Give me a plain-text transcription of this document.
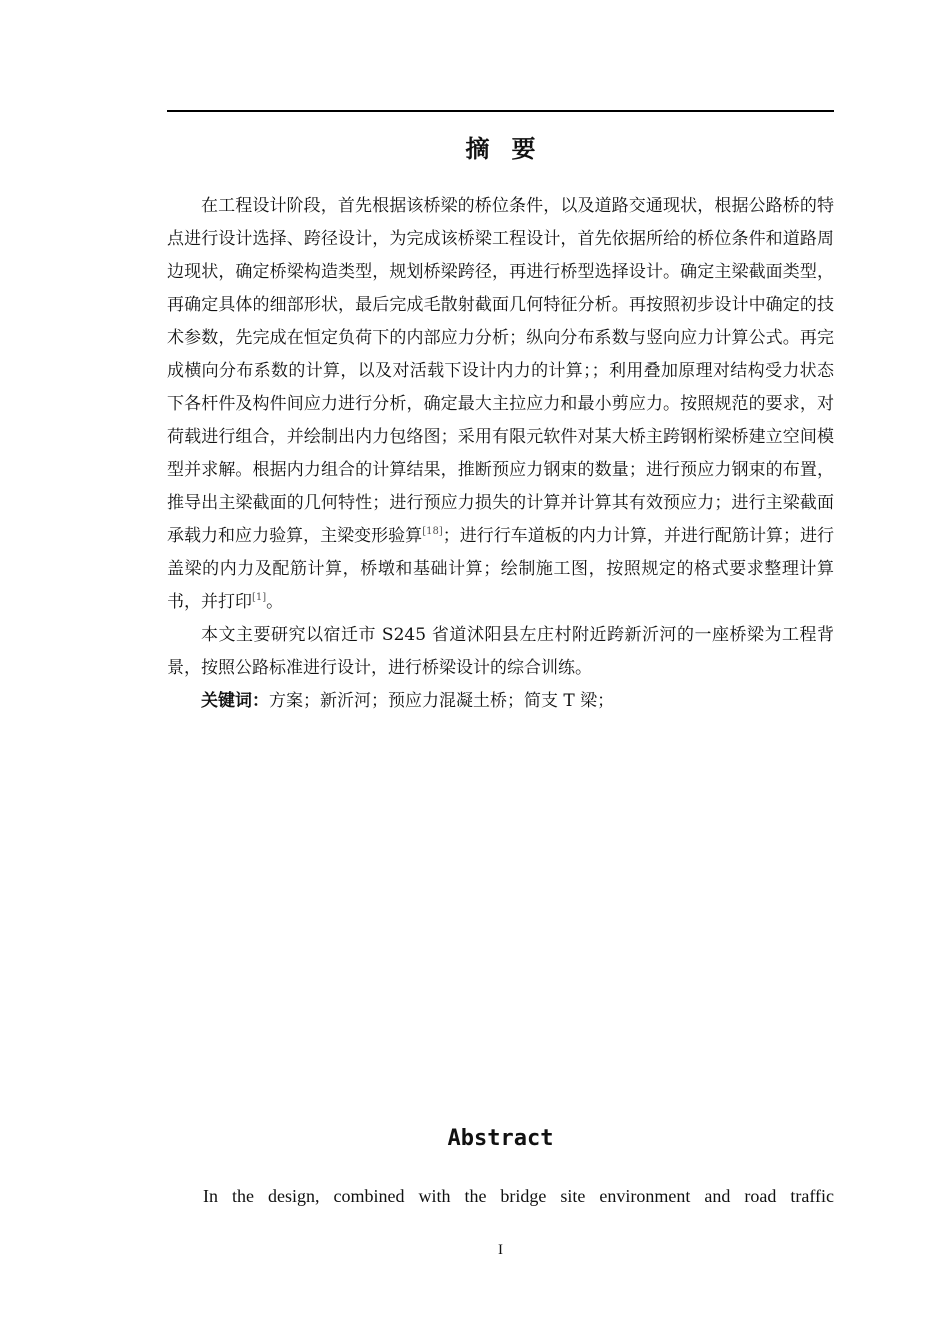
摘要

在工程设计阶段，首先根据该桥梁的桥位条件，以及道路交通现状，根据公路桥的特点进行设计选择、跨径设计，为完成该桥梁工程设计，首先依据所给的桥位条件和道路周边现状，确定桥梁构造类型，规划桥梁跨径，再进行桥型选择设计。确定主梁截面类型，再确定具体的细部形状，最后完成毛散射截面几何特征分析。再按照初步设计中确定的技术参数，先完成在恒定负荷下的内部应力分析；纵向分布系数与竖向应力计算公式。再完成横向分布系数的计算，以及对活载下设计内力的计算；；利用叠加原理对结构受力状态下各杆件及构件间应力进行分析，确定最大主拉应力和最小剪应力。按照规范的要求，对荷载进行组合，并绘制出内力包络图；采用有限元软件对某大桥主跨钢桁梁桥建立空间模型并求解。根据内力组合的计算结果，推断预应力钢束的数量；进行预应力钢束的布置，推导出主梁截面的几何特性；进行预应力损失的计算并计算其有效预应力；进行主梁截面承载力和应力验算，主梁变形验算[18]；进行行车道板的内力计算，并进行配筋计算；进行盖梁的内力及配筋计算，桥墩和基础计算；绘制施工图，按照规定的格式要求整理计算书，并打印[1]。

本文主要研究以宿迁市 S245 省道沭阳县左庄村附近跨新沂河的一座桥梁为工程背景，按照公路标准进行设计，进行桥梁设计的综合训练。

关键词：方案；新沂河；预应力混凝土桥；简支 T 梁；

Abstract
In the design, combined with the bridge site environment and road traffic
I
